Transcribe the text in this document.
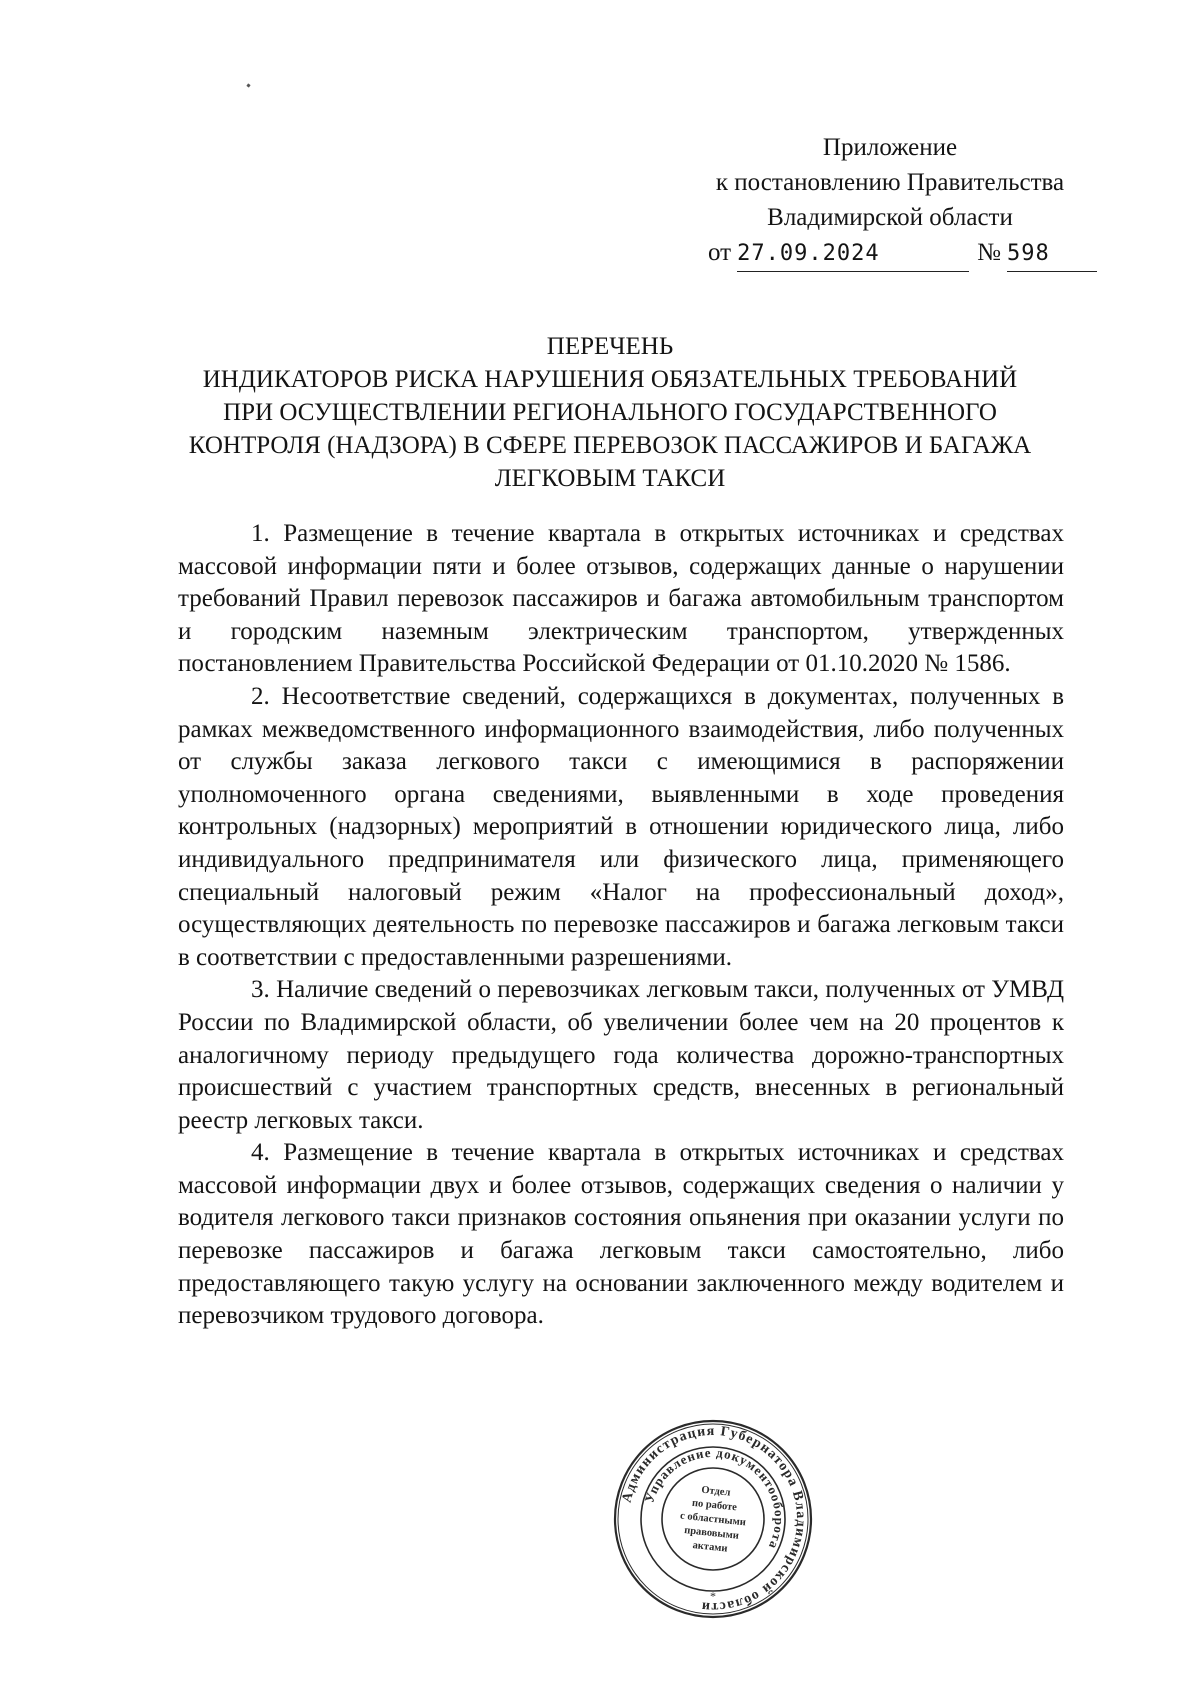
Приложение
к постановлению Правительства
Владимирской области
от 27.09.2024	№ 598
ПЕРЕЧЕНЬ
ИНДИКАТОРОВ РИСКА НАРУШЕНИЯ ОБЯЗАТЕЛЬНЫХ ТРЕБОВАНИЙ
ПРИ ОСУЩЕСТВЛЕНИИ РЕГИОНАЛЬНОГО ГОСУДАРСТВЕННОГО
КОНТРОЛЯ (НАДЗОРА) В СФЕРЕ ПЕРЕВОЗОК ПАССАЖИРОВ И БАГАЖА
ЛЕГКОВЫМ ТАКСИ

1. Размещение в течение квартала в открытых источниках и средствах массовой информации пяти и более отзывов, содержащих данные о нарушении требований Правил перевозок пассажиров и багажа автомобильным транспортом и городским наземным электрическим транспортом, утвержденных постановлением Правительства Российской Федерации от 01.10.2020 № 1586.

2. Несоответствие сведений, содержащихся в документах, полученных в рамках межведомственного информационного взаимодействия, либо полученных от службы заказа легкового такси с имеющимися в распоряжении уполномоченного органа сведениями, выявленными в ходе проведения контрольных (надзорных) мероприятий в отношении юридического лица, либо индивидуального предпринимателя или физического лица, применяющего специальный налоговый режим «Налог на профессиональный доход», осуществляющих деятельность по перевозке пассажиров и багажа легковым такси в соответствии с предоставленными разрешениями.

3. Наличие сведений о перевозчиках легковым такси, полученных от УМВД России по Владимирской области, об увеличении более чем на 20 процентов к аналогичному периоду предыдущего года количества дорожно-транспортных происшествий с участием транспортных средств, внесенных в региональный реестр легковых такси.

4. Размещение в течение квартала в открытых источниках и средствах массовой информации двух и более отзывов, содержащих сведения о наличии у водителя легкового такси признаков состояния опьянения при оказании услуги по перевозке пассажиров и багажа легковым такси самостоятельно, либо предоставляющего такую услугу на основании заключенного между водителем и перевозчиком трудового договора.

Администрация Губернатора Владимирской области
Управление документооборота
*
Отдел
по работе
с областными
правовыми
актами
